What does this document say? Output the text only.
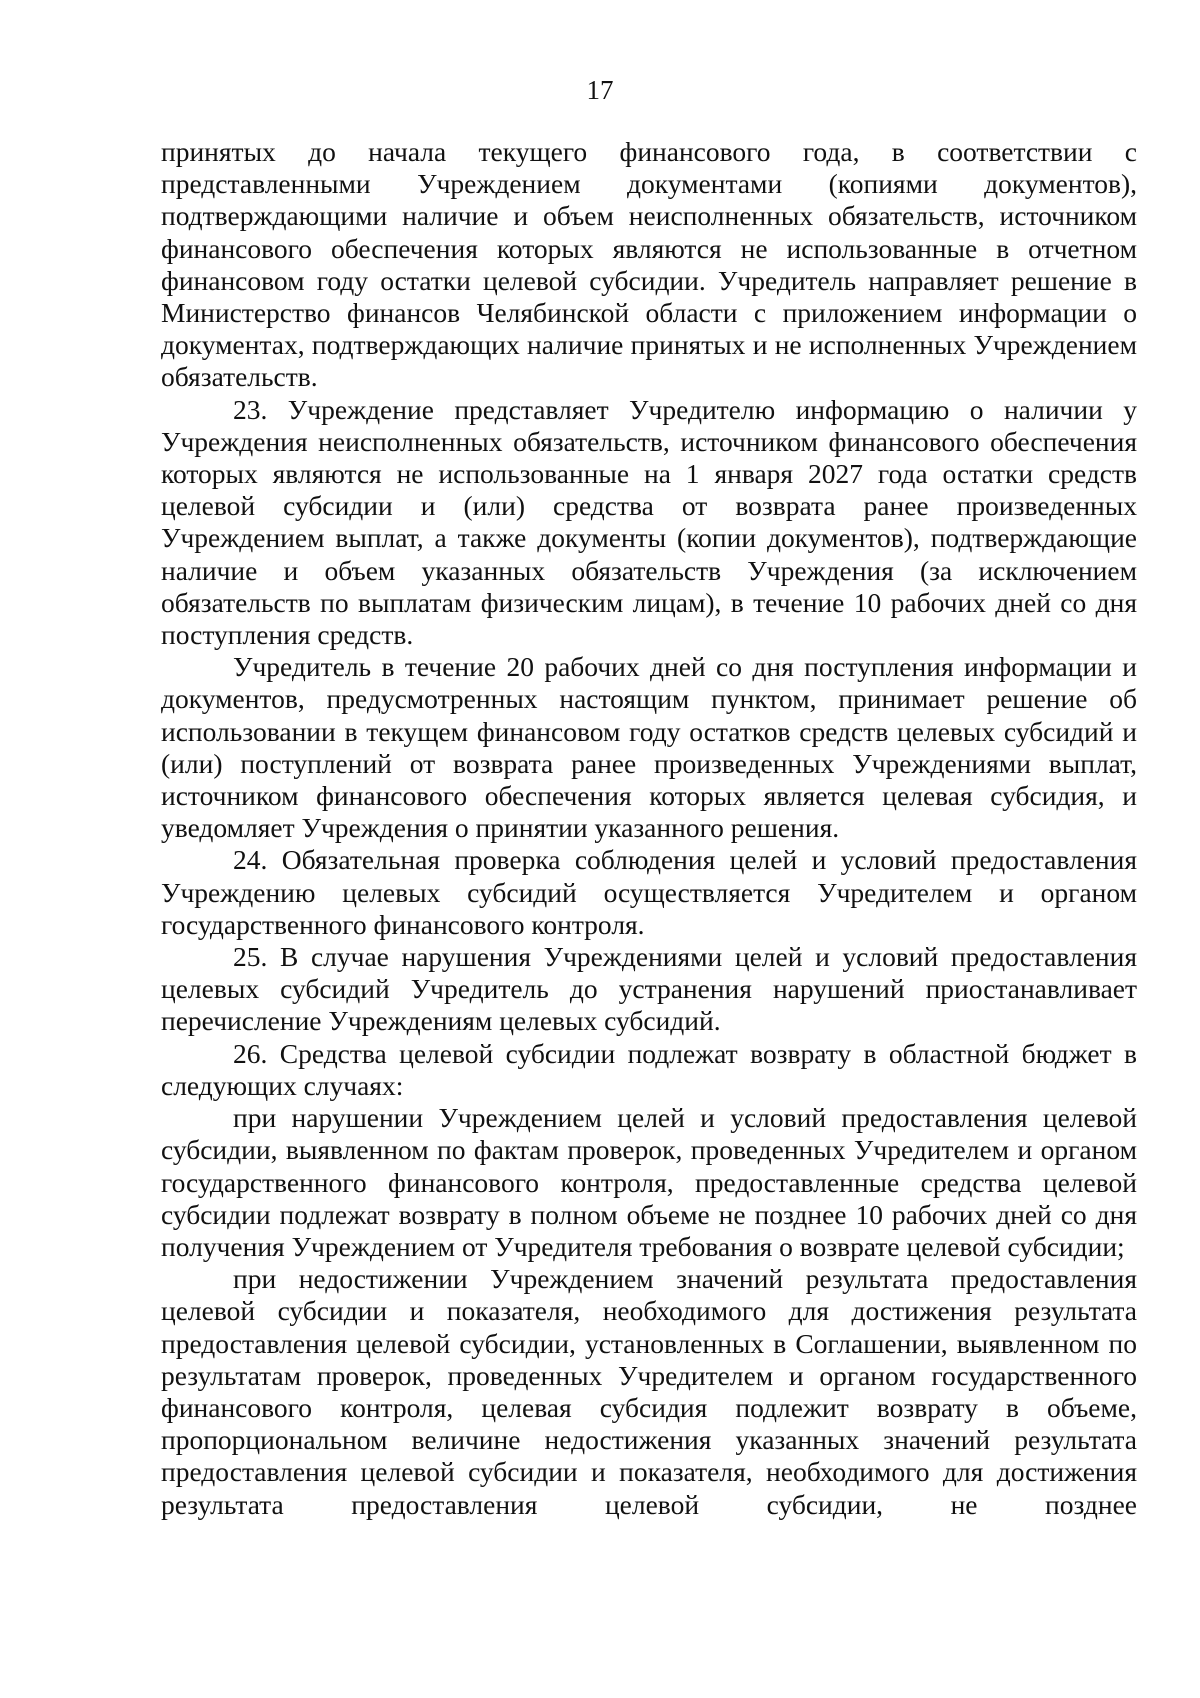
17

принятых до начала текущего финансового года, в соответствии с представленными Учреждением документами (копиями документов), подтверждающими наличие и объем неисполненных обязательств, источником финансового обеспечения которых являются не использованные в отчетном финансовом году остатки целевой субсидии. Учредитель направляет решение в Министерство финансов Челябинской области с приложением информации о документах, подтверждающих наличие принятых и не исполненных Учреждением обязательств.

23. Учреждение представляет Учредителю информацию о наличии у Учреждения неисполненных обязательств, источником финансового обеспечения которых являются не использованные на 1 января 2027 года остатки средств целевой субсидии и (или) средства от возврата ранее произведенных Учреждением выплат, а также документы (копии документов), подтверждающие наличие и объем указанных обязательств Учреждения (за исключением обязательств по выплатам физическим лицам), в течение 10 рабочих дней со дня поступления средств.

Учредитель в течение 20 рабочих дней со дня поступления информации и документов, предусмотренных настоящим пунктом, принимает решение об использовании в текущем финансовом году остатков средств целевых субсидий и (или) поступлений от возврата ранее произведенных Учреждениями выплат, источником финансового обеспечения которых является целевая субсидия, и уведомляет Учреждения о принятии указанного решения.

24. Обязательная проверка соблюдения целей и условий предоставления Учреждению целевых субсидий осуществляется Учредителем и органом государственного финансового контроля.

25. В случае нарушения Учреждениями целей и условий предоставления целевых субсидий Учредитель до устранения нарушений приостанавливает перечисление Учреждениям целевых субсидий.

26. Средства целевой субсидии подлежат возврату в областной бюджет в следующих случаях:

при нарушении Учреждением целей и условий предоставления целевой субсидии, выявленном по фактам проверок, проведенных Учредителем и органом государственного финансового контроля, предоставленные средства целевой субсидии подлежат возврату в полном объеме не позднее 10 рабочих дней со дня получения Учреждением от Учредителя требования о возврате целевой субсидии;

при недостижении Учреждением значений результата предоставления целевой субсидии и показателя, необходимого для достижения результата предоставления целевой субсидии, установленных в Соглашении, выявленном по результатам проверок, проведенных Учредителем и органом государственного финансового контроля, целевая субсидия подлежит возврату в объеме, пропорциональном величине недостижения указанных значений результата предоставления целевой субсидии и показателя, необходимого для достижения результата предоставления целевой субсидии, не позднее
